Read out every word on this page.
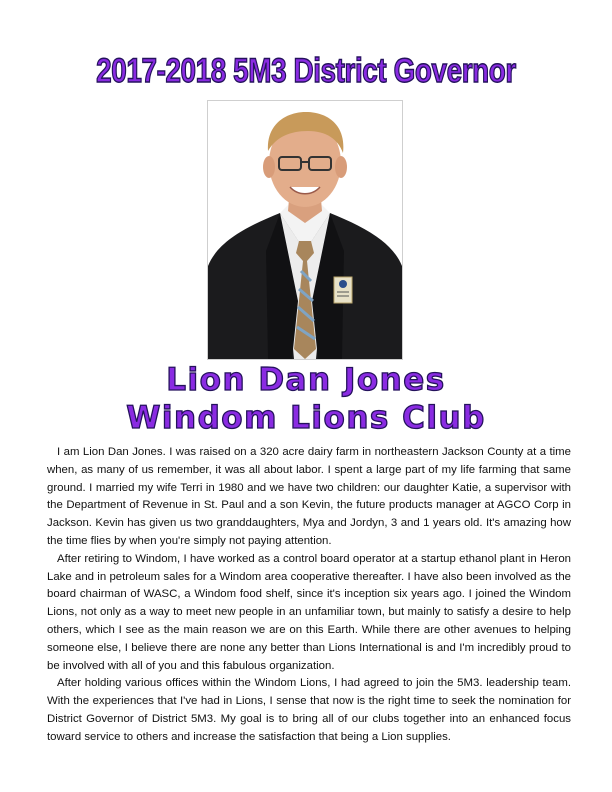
2017-2018 5M3 District Governor
Lion Dan Jones
Windom Lions Club

I am Lion Dan Jones. I was raised on a 320 acre dairy farm in northeastern Jackson County at a time when, as many of us remember, it was all about labor. I spent a large part of my life farming that same ground. I married my wife Terri in 1980 and we have two children: our daughter Katie, a supervisor with the Department of Revenue in St. Paul and a son Kevin, the future products manager at AGCO Corp in Jackson. Kevin has given us two granddaughters, Mya and Jordyn, 3 and 1 years old. It's amazing how the time flies by when you're simply not paying attention.

After retiring to Windom, I have worked as a control board operator at a startup ethanol plant in Heron Lake and in petroleum sales for a Windom area cooperative thereafter. I have also been involved as the board chairman of WASC, a Windom food shelf, since it's inception six years ago. I joined the Windom Lions, not only as a way to meet new people in an unfamiliar town, but mainly to satisfy a desire to help others, which I see as the main reason we are on this Earth. While there are other avenues to helping someone else, I believe there are none any better than Lions International is and I'm incredibly proud to be involved with all of you and this fabulous organization.

After holding various offices within the Windom Lions, I had agreed to join the 5M3. leadership team. With the experiences that I've had in Lions, I sense that now is the right time to seek the nomination for District Governor of District 5M3. My goal is to bring all of our clubs together into an enhanced focus toward service to others and increase the satisfaction that being a Lion supplies.
